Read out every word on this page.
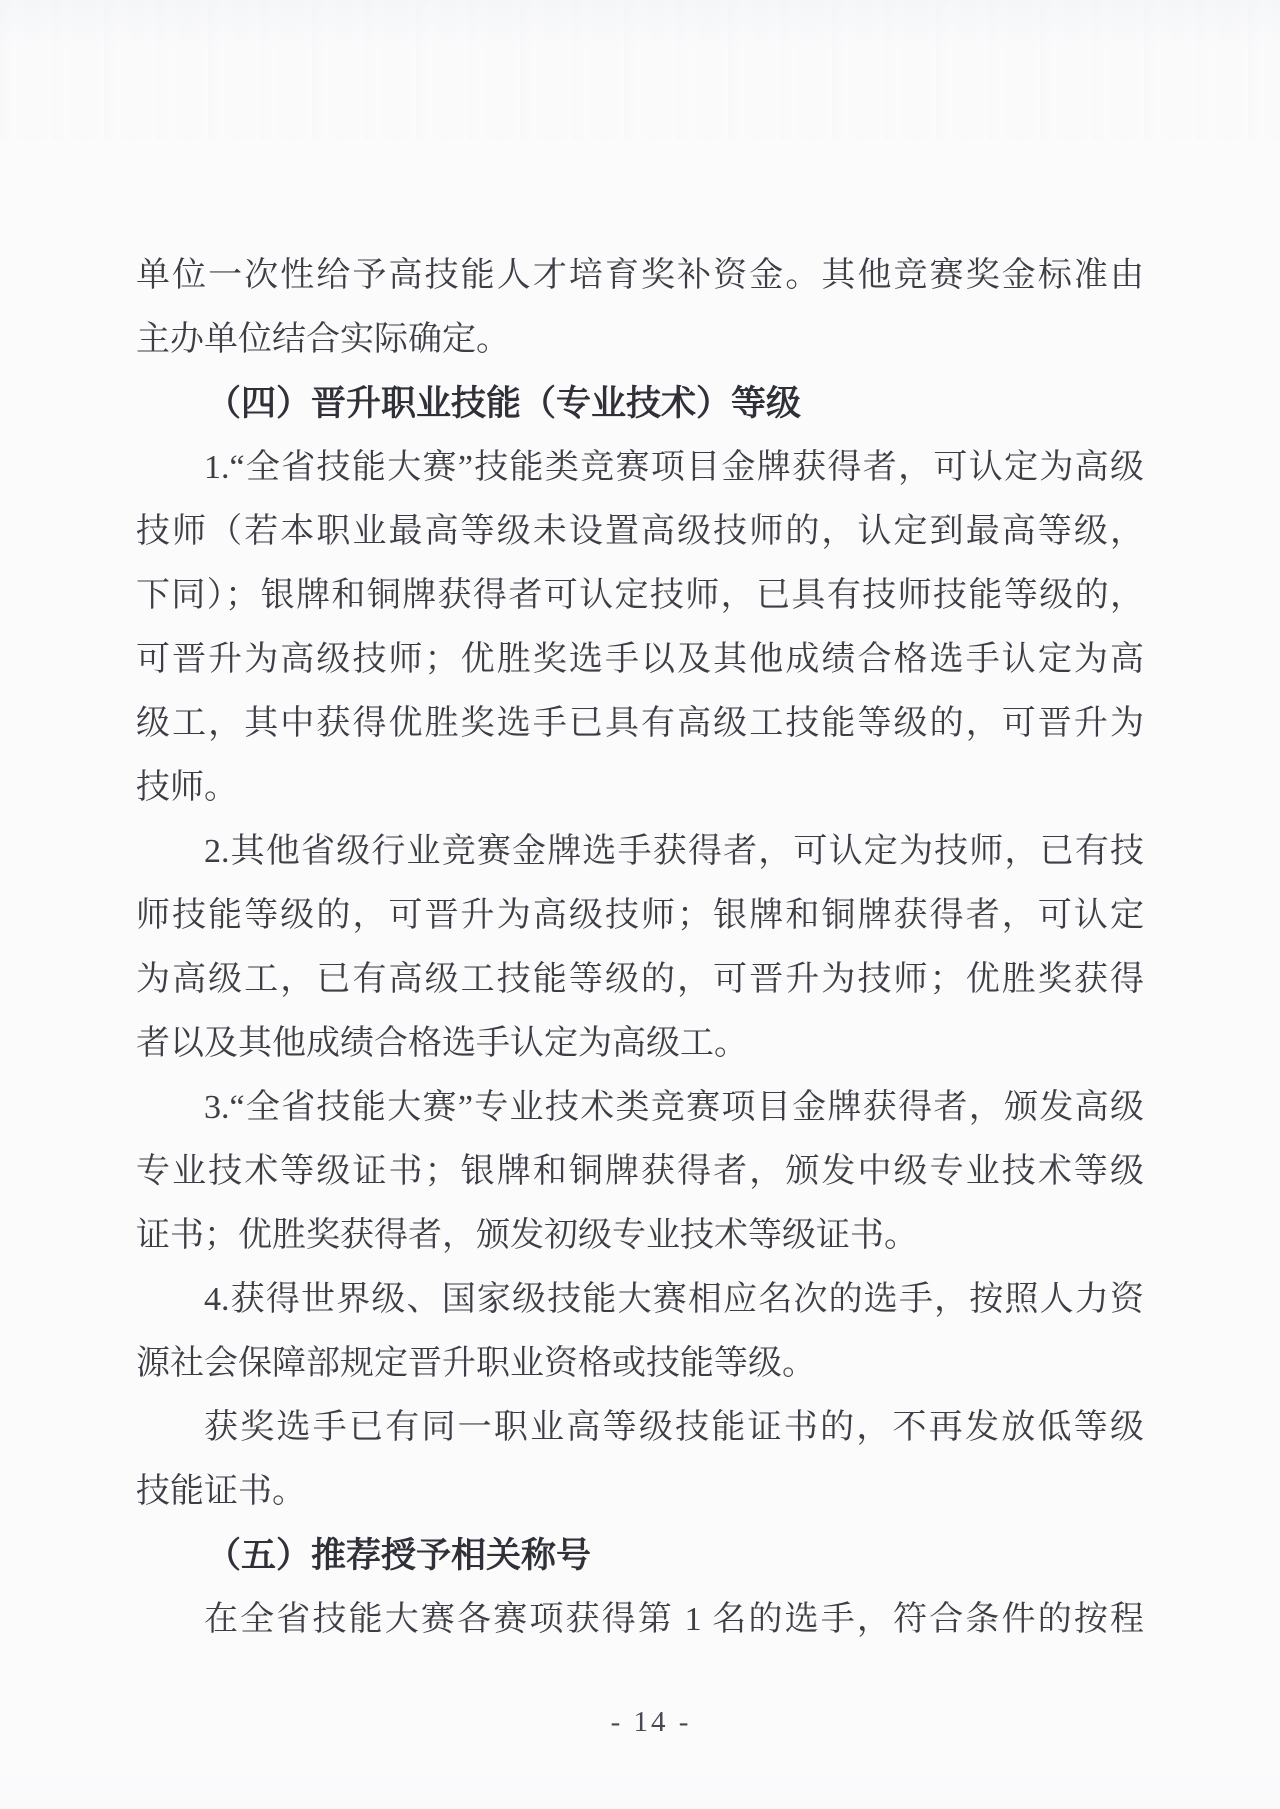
单位一次性给予高技能人才培育奖补资金。其他竞赛奖金标准由
主办单位结合实际确定。
（四）晋升职业技能（专业技术）等级
1.“全省技能大赛”技能类竞赛项目金牌获得者，可认定为高级
技师（若本职业最高等级未设置高级技师的，认定到最高等级，
下同）；银牌和铜牌获得者可认定技师，已具有技师技能等级的，
可晋升为高级技师；优胜奖选手以及其他成绩合格选手认定为高
级工，其中获得优胜奖选手已具有高级工技能等级的，可晋升为
技师。
2.其他省级行业竞赛金牌选手获得者，可认定为技师，已有技
师技能等级的，可晋升为高级技师；银牌和铜牌获得者，可认定
为高级工，已有高级工技能等级的，可晋升为技师；优胜奖获得
者以及其他成绩合格选手认定为高级工。
3.“全省技能大赛”专业技术类竞赛项目金牌获得者，颁发高级
专业技术等级证书；银牌和铜牌获得者，颁发中级专业技术等级
证书；优胜奖获得者，颁发初级专业技术等级证书。
4.获得世界级、国家级技能大赛相应名次的选手，按照人力资
源社会保障部规定晋升职业资格或技能等级。
获奖选手已有同一职业高等级技能证书的，不再发放低等级
技能证书。
（五）推荐授予相关称号
在全省技能大赛各赛项获得第 1 名的选手，符合条件的按程
- 14 -
